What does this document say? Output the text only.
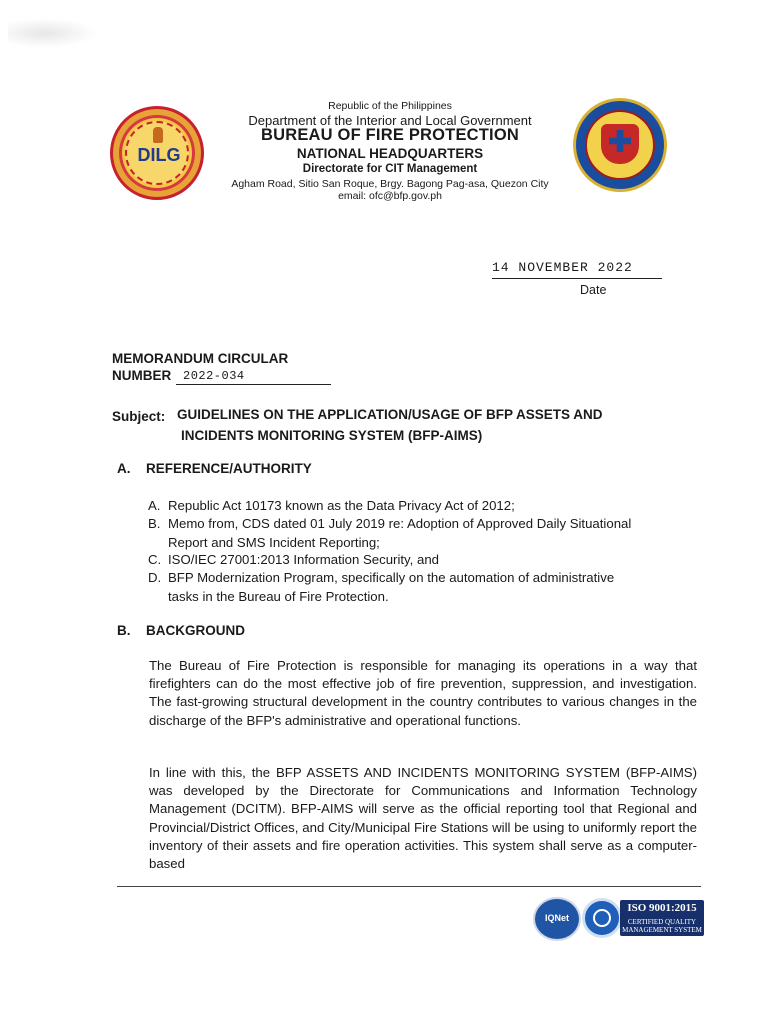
DILG
Republic of the Philippines
Department of the Interior and Local Government
BUREAU OF FIRE PROTECTION
NATIONAL HEADQUARTERS
Directorate for CIT Management
Agham Road, Sitio San Roque, Brgy. Bagong Pag-asa, Quezon City
email: ofc@bfp.gov.ph
14 NOVEMBER 2022
Date
MEMORANDUM CIRCULAR
NUMBER 2022-034
Subject: GUIDELINES ON THE APPLICATION/USAGE OF BFP ASSETS AND
INCIDENTS MONITORING SYSTEM (BFP-AIMS)
A. REFERENCE/AUTHORITY
A. Republic Act 10173 known as the Data Privacy Act of 2012;
B. Memo from, CDS dated 01 July 2019 re: Adoption of Approved Daily Situational
Report and SMS Incident Reporting;
C. ISO/IEC 27001:2013 Information Security, and
D. BFP Modernization Program, specifically on the automation of administrative
tasks in the Bureau of Fire Protection.
B. BACKGROUND
The Bureau of Fire Protection is responsible for managing its operations in a way that firefighters can do the most effective job of fire prevention, suppression, and investigation. The fast-growing structural development in the country contributes to various changes in the discharge of the BFP's administrative and operational functions.
In line with this, the BFP ASSETS AND INCIDENTS MONITORING SYSTEM (BFP-AIMS) was developed by the Directorate for Communications and Information Technology Management (DCITM). BFP-AIMS will serve as the official reporting tool that Regional and Provincial/District Offices, and City/Municipal Fire Stations will be using to uniformly report the inventory of their assets and fire operation activities. This system shall serve as a computer-based
IQNet
ISO 9001:2015
CERTIFIED QUALITY
MANAGEMENT SYSTEM
